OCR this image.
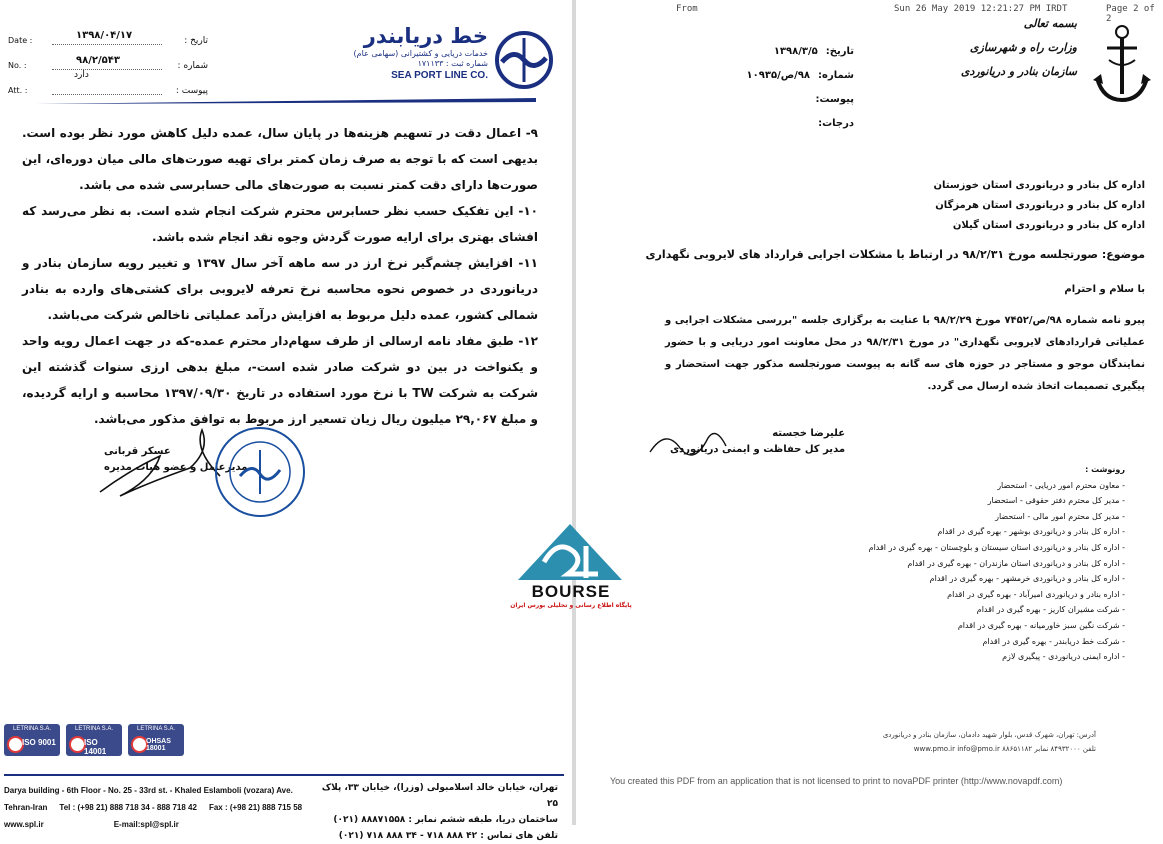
Date :	۱۳۹۸/۰۴/۱۷	تاریخ :
No. :	۹۸/۲/۵۴۳	شماره :
Att. :	پیوست :
دارد
خط دریابندر
خدمات دریایی و کشتیرانی (سهامی عام)
شماره ثبت : ۱۷۱۱۳۳
SEA PORT LINE CO.

۹- اعمال دقت در تسهیم هزینه‌ها در پایان سال، عمده دلیل کاهش مورد نظر بوده است. بدیهی است که با توجه به صرف زمان کمتر برای تهیه صورت‌های مالی میان دوره‌ای، این صورت‌ها دارای دقت کمتر نسبت به صورت‌های مالی حسابرسی شده می باشد.

۱۰- این تفکیک حسب نظر حسابرس محترم شرکت انجام شده است. به نظر می‌رسد که افشای بهتری برای ارایه صورت گردش وجوه نقد انجام شده باشد.

۱۱- افزایش چشم‌گیر نرخ ارز در سه ماهه آخر سال ۱۳۹۷ و تغییر رویه سازمان بنادر و دریانوردی در خصوص نحوه محاسبه نرخ تعرفه لایروبی برای کشتی‌های وارده به بنادر شمالی کشور، عمده دلیل مربوط به افزایش درآمد عملیاتی ناخالص شرکت می‌باشد.

۱۲- طبق مفاد نامه ارسالی از طرف سهام‌دار محترم عمده-که در جهت اعمال رویه واحد و یکنواخت در بین دو شرکت صادر شده است-، مبلغ بدهی ارزی سنوات گذشته این شرکت به شرکت TW با نرخ مورد استفاده در تاریخ ۱۳۹۷/۰۹/۳۰ محاسبه و ارایه گردیده، و مبلغ ۲۹,۰۶۷ میلیون ریال زیان تسعیر ارز مربوط به توافق مذکور می‌باشد.

عسکر قربانی
مدیرعامل و عضو هیات مدیره
LETRINA S.A.
ISO 9001
LETRINA S.A.
ISO 14001
LETRINA S.A.
OHSAS 18001
Darya building - 6th Floor - No. 25 - 33rd st. - Khaled Eslamboli (vozara) Ave.
Tehran-Iran Tel : (+98 21) 888 718 34 - 888 718 42 Fax : (+98 21) 888 715 58
www.spl.ir	E-mail:spl@spl.ir
تهران، خیابان خالد اسلامبولی (وزرا)، خیابان ۳۳، پلاک ۲۵
ساختمان دریا، طبقه ششم نمابر : ۸۸۸۷۱۵۵۸ (۰۲۱)
تلفن های تماس : ۴۲ ۸۸۸ ۷۱۸ - ۳۴ ۸۸۸ ۷۱۸ (۰۲۱)
From	Sun 26 May 2019 12:21:27 PM IRDT	Page 2 of 2
بسمه تعالی
وزارت راه و شهرسازی
سازمان بنادر و دریانوردی
تاریخ:
۱۳۹۸/۳/۵
شماره:
۹۸/ص/۱۰۹۳۵
پیوست:
درجات:
اداره کل بنادر و دریانوردی استان خوزستان
اداره کل بنادر و دریانوردی استان هرمزگان
اداره کل بنادر و دریانوردی استان گیلان
موضوع: صورتجلسه مورخ ۹۸/۲/۳۱ در ارتباط با مشکلات اجرایی قرارداد های لایروبی نگهداری
با سلام و احترام
پیرو نامه شماره ۹۸/ص/۷۴۵۲ مورخ ۹۸/۲/۲۹ با عنایت به برگزاری جلسه "بررسی مشکلات اجرایی و عملیاتی قراردادهای لایروبی نگهداری" در مورخ ۹۸/۲/۳۱ در محل معاونت امور دریایی و با حضور نمایندگان موجو و مستاجر در حوزه های سه گانه به پیوست صورتجلسه مذکور جهت استحضار و پیگیری تصمیمات اتخاذ شده ارسال می گردد.
علیرضا خجسته
مدیر کل حفاظت و ایمنی دریانوردی
رونوشت :
- معاون محترم امور دریایی - استحضار
- مدیر کل محترم دفتر حقوقی - استحضار
- مدیر کل محترم امور مالی - استحضار
- اداره کل بنادر و دریانوردی بوشهر - بهره گیری در اقدام
- اداره کل بنادر و دریانوردی استان سیستان و بلوچستان - بهره گیری در اقدام
- اداره کل بنادر و دریانوردی استان مازندران - بهره گیری در اقدام
- اداره کل بنادر و دریانوردی خرمشهر - بهره گیری در اقدام
- اداره بنادر و دریانوردی امیرآباد - بهره گیری در اقدام
- شرکت مشیران کاریز - بهره گیری در اقدام
- شرکت نگین سبز خاورمیانه - بهره گیری در اقدام
- شرکت خط دریابندر - بهره گیری در اقدام
- اداره ایمنی دریانوردی - پیگیری لازم
آدرس: تهران، شهرک قدس، بلوار شهید دادمان، سازمان بنادر و دریانوردی
تلفن ۸۴۹۳۲۰۰۰ نمابر ۸۸۶۵۱۱۸۲ www.pmo.ir info@pmo.ir
You created this PDF from an application that is not licensed to print to novaPDF printer (http://www.novapdf.com)
BOURSE
پایگاه اطلاع رسانی و تحلیلی بورس ایران
